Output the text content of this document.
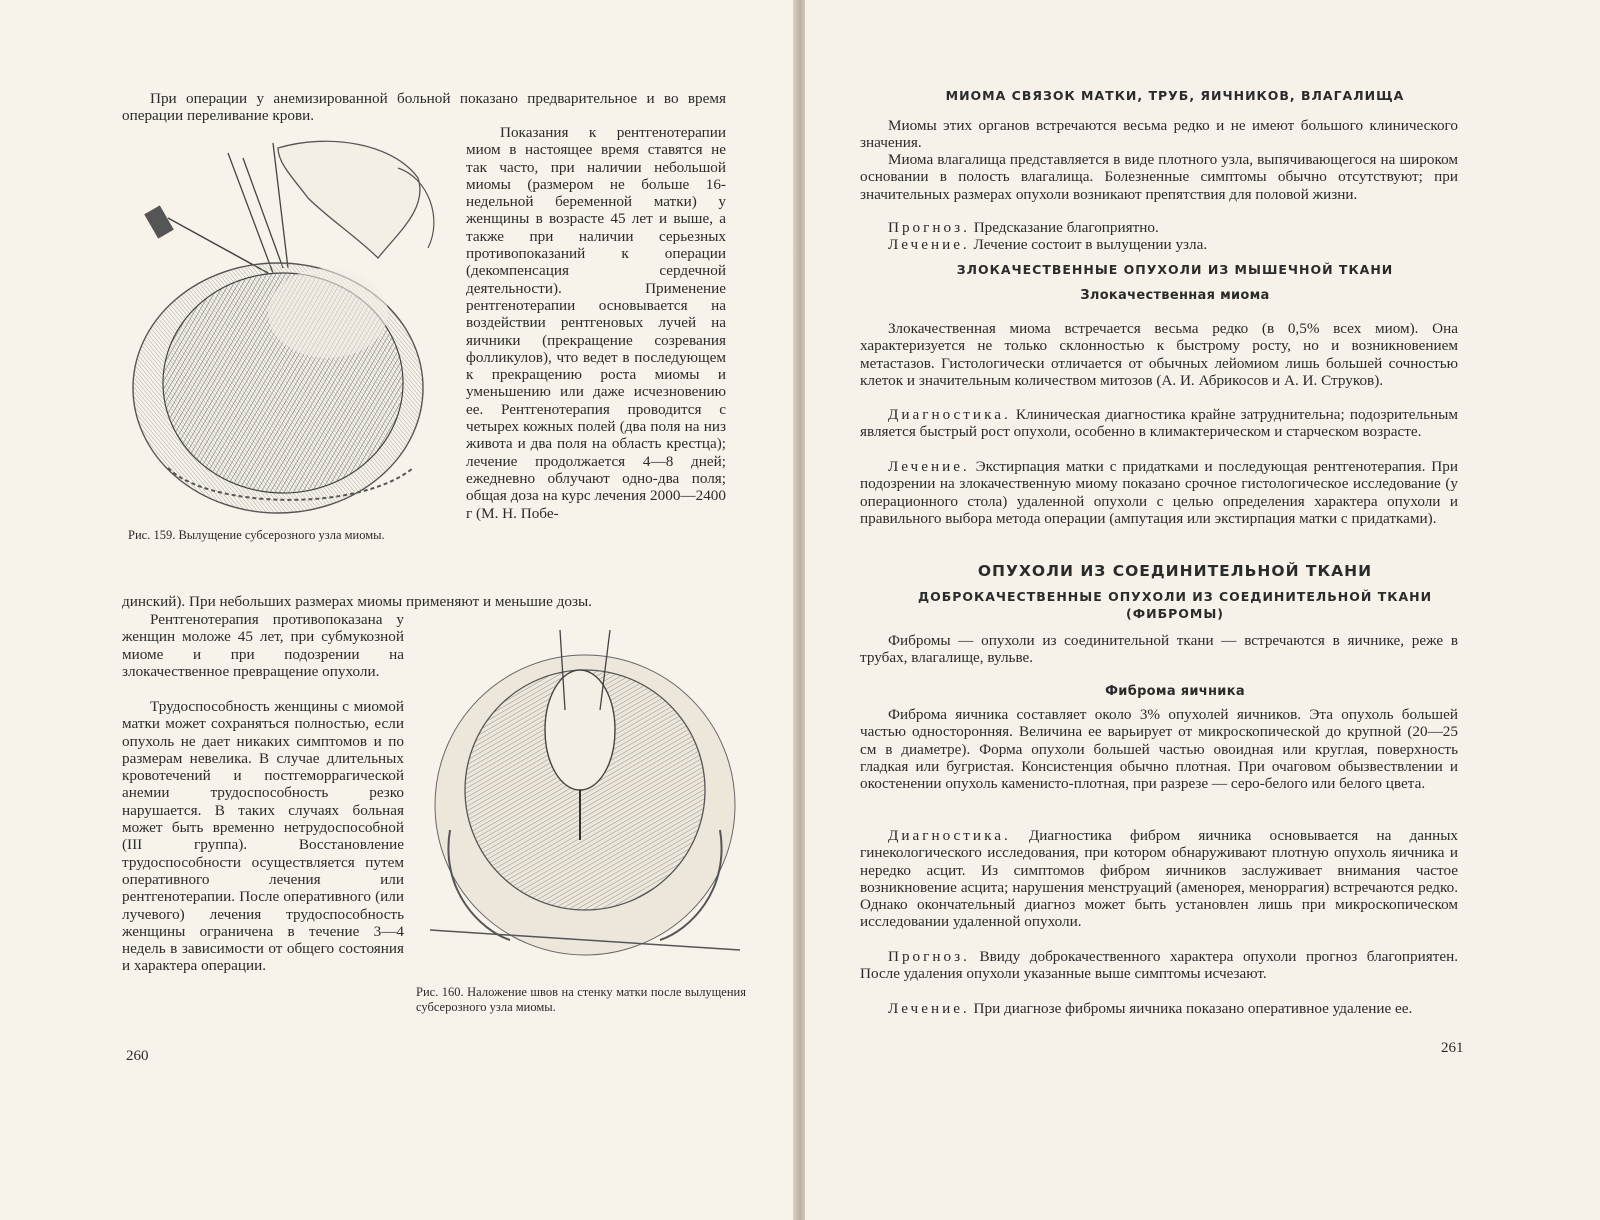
При операции у анемизированной больной показано предварительное и во время операции переливание крови.

Показания к рентгенотерапии миом в настоящее время ставятся не так часто, при наличии небольшой миомы (размером не больше 16-недельной беременной матки) у женщины в возрасте 45 лет и выше, а также при наличии серьезных противопоказаний к операции (декомпенсация сердечной деятельности). Применение рентгенотерапии основывается на воздействии рентгеновых лучей на яичники (прекращение созревания фолликулов), что ведет в последующем к прекращению роста миомы и уменьшению или даже исчезновению ее. Рентгенотерапия проводится с четырех кожных полей (два поля на низ живота и два поля на область крестца); лечение продолжается 4—8 дней; ежедневно облучают одно-два поля; общая доза на курс лечения 2000—2400 г (М. Н. Побе-

Рис. 159. Вылущение субсерозного узла миомы.

динский). При небольших размерах миомы применяют и меньшие дозы.

Рентгенотерапия противопоказана у женщин моложе 45 лет, при субмукозной миоме и при подозрении на злокачественное превращение опухоли.

Трудоспособность женщины с миомой матки может сохраняться полностью, если опухоль не дает никаких симптомов и по размерам невелика. В случае длительных кровотечений и постгеморрагической анемии трудоспособность резко нарушается. В таких случаях больная может быть временно нетрудоспособной (III группа). Восстановление трудоспособности осуществляется путем оперативного лечения или рентгенотерапии. После оперативного (или лучевого) лечения трудоспособность женщины ограничена в течение 3—4 недель в зависимости от общего состояния и характера операции.

Рис. 160. Наложение швов на стенку матки после вылущения субсерозного узла миомы.

260

МИОМА СВЯЗОК МАТКИ, ТРУБ, ЯИЧНИКОВ, ВЛАГАЛИЩА

Миомы этих органов встречаются весьма редко и не имеют большого клинического значения.

Миома влагалища представляется в виде плотного узла, выпячивающегося на широком основании в полость влагалища. Болезненные симптомы обычно отсутствуют; при значительных размерах опухоли возникают препятствия для половой жизни.

Прогноз. Предсказание благоприятно.

Лечение. Лечение состоит в вылущении узла.

ЗЛОКАЧЕСТВЕННЫЕ ОПУХОЛИ ИЗ МЫШЕЧНОЙ ТКАНИ

Злокачественная миома

Злокачественная миома встречается весьма редко (в 0,5% всех миом). Она характеризуется не только склонностью к быстрому росту, но и возникновением метастазов. Гистологически отличается от обычных лейомиом лишь большей сочностью клеток и значительным количеством митозов (А. И. Абрикосов и А. И. Струков).

Диагностика. Клиническая диагностика крайне затруднительна; подозрительным является быстрый рост опухоли, особенно в климактерическом и старческом возрасте.

Лечение. Экстирпация матки с придатками и последующая рентгенотерапия. При подозрении на злокачественную миому показано срочное гистологическое исследование (у операционного стола) удаленной опухоли с целью определения характера опухоли и правильного выбора метода операции (ампутация или экстирпация матки с придатками).

ОПУХОЛИ ИЗ СОЕДИНИТЕЛЬНОЙ ТКАНИ

ДОБРОКАЧЕСТВЕННЫЕ ОПУХОЛИ ИЗ СОЕДИНИТЕЛЬНОЙ ТКАНИ (ФИБРОМЫ)

Фибромы — опухоли из соединительной ткани — встречаются в яичнике, реже в трубах, влагалище, вульве.

Фиброма яичника

Фиброма яичника составляет около 3% опухолей яичников. Эта опухоль большей частью односторонняя. Величина ее варьирует от микроскопической до крупной (20—25 см в диаметре). Форма опухоли большей частью овоидная или круглая, поверхность гладкая или бугристая. Консистенция обычно плотная. При очаговом обызвествлении и окостенении опухоль каменисто-плотная, при разрезе — серо-белого или белого цвета.

Диагностика. Диагностика фибром яичника основывается на данных гинекологического исследования, при котором обнаруживают плотную опухоль яичника и нередко асцит. Из симптомов фибром яичников заслуживает внимания частое возникновение асцита; нарушения менструаций (аменорея, меноррагия) встречаются редко. Однако окончательный диагноз может быть установлен лишь при микроскопическом исследовании удаленной опухоли.

Прогноз. Ввиду доброкачественного характера опухоли прогноз благоприятен. После удаления опухоли указанные выше симптомы исчезают.

Лечение. При диагнозе фибромы яичника показано оперативное удаление ее.

261
